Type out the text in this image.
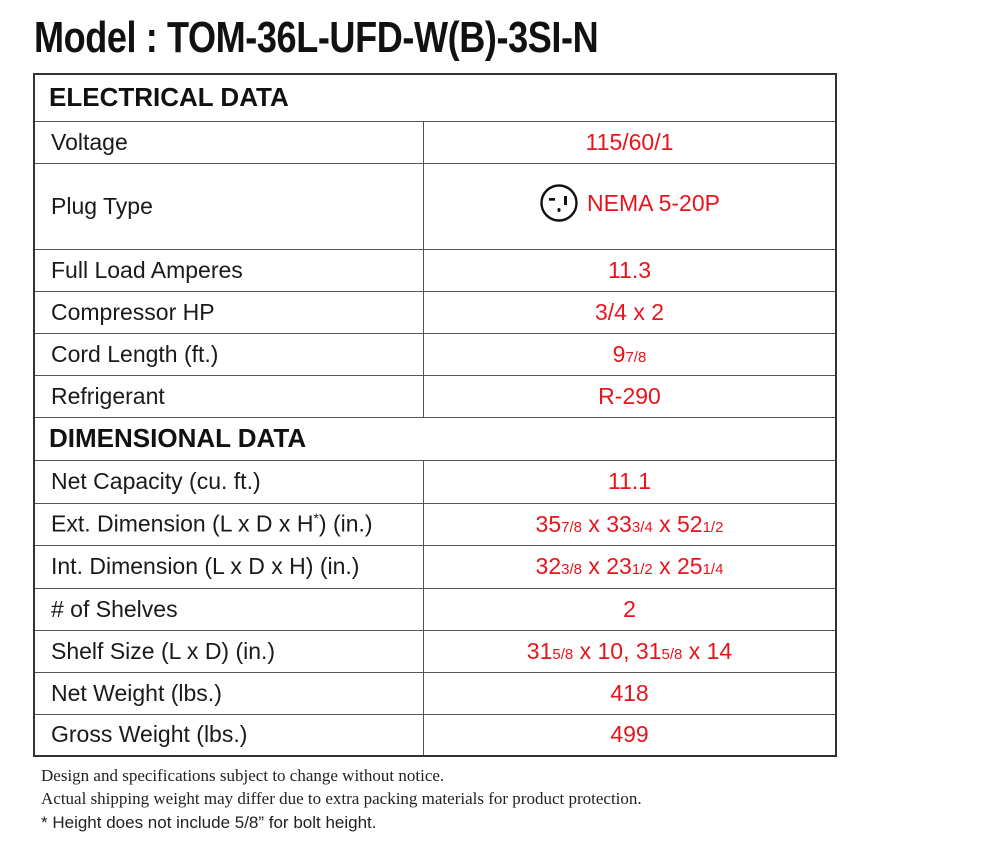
Model : TOM-36L-UFD-W(B)-3SI-N
ELECTRICAL DATA	
Voltage	115/60/1
Plug Type	NEMA 5-20P

Full Load Amperes	11.3
Compressor HP	3/4 x 2
Cord Length (ft.)	97/8
Refrigerant	R-290
DIMENSIONAL DATA	
Net Capacity (cu. ft.)	11.1
Ext. Dimension (L x D x H*) (in.)	357/8 x 333/4 x 521/2
Int. Dimension (L x D x H) (in.)	323/8 x 231/2 x 251/4
# of Shelves	2
Shelf Size (L x D) (in.)	315/8 x 10, 315/8 x 14
Net Weight (lbs.)	418
Gross Weight (lbs.)	499
Design and specifications subject to change without notice.
Actual shipping weight may differ due to extra packing materials for product protection.
* Height does not include 5/8” for bolt height.
